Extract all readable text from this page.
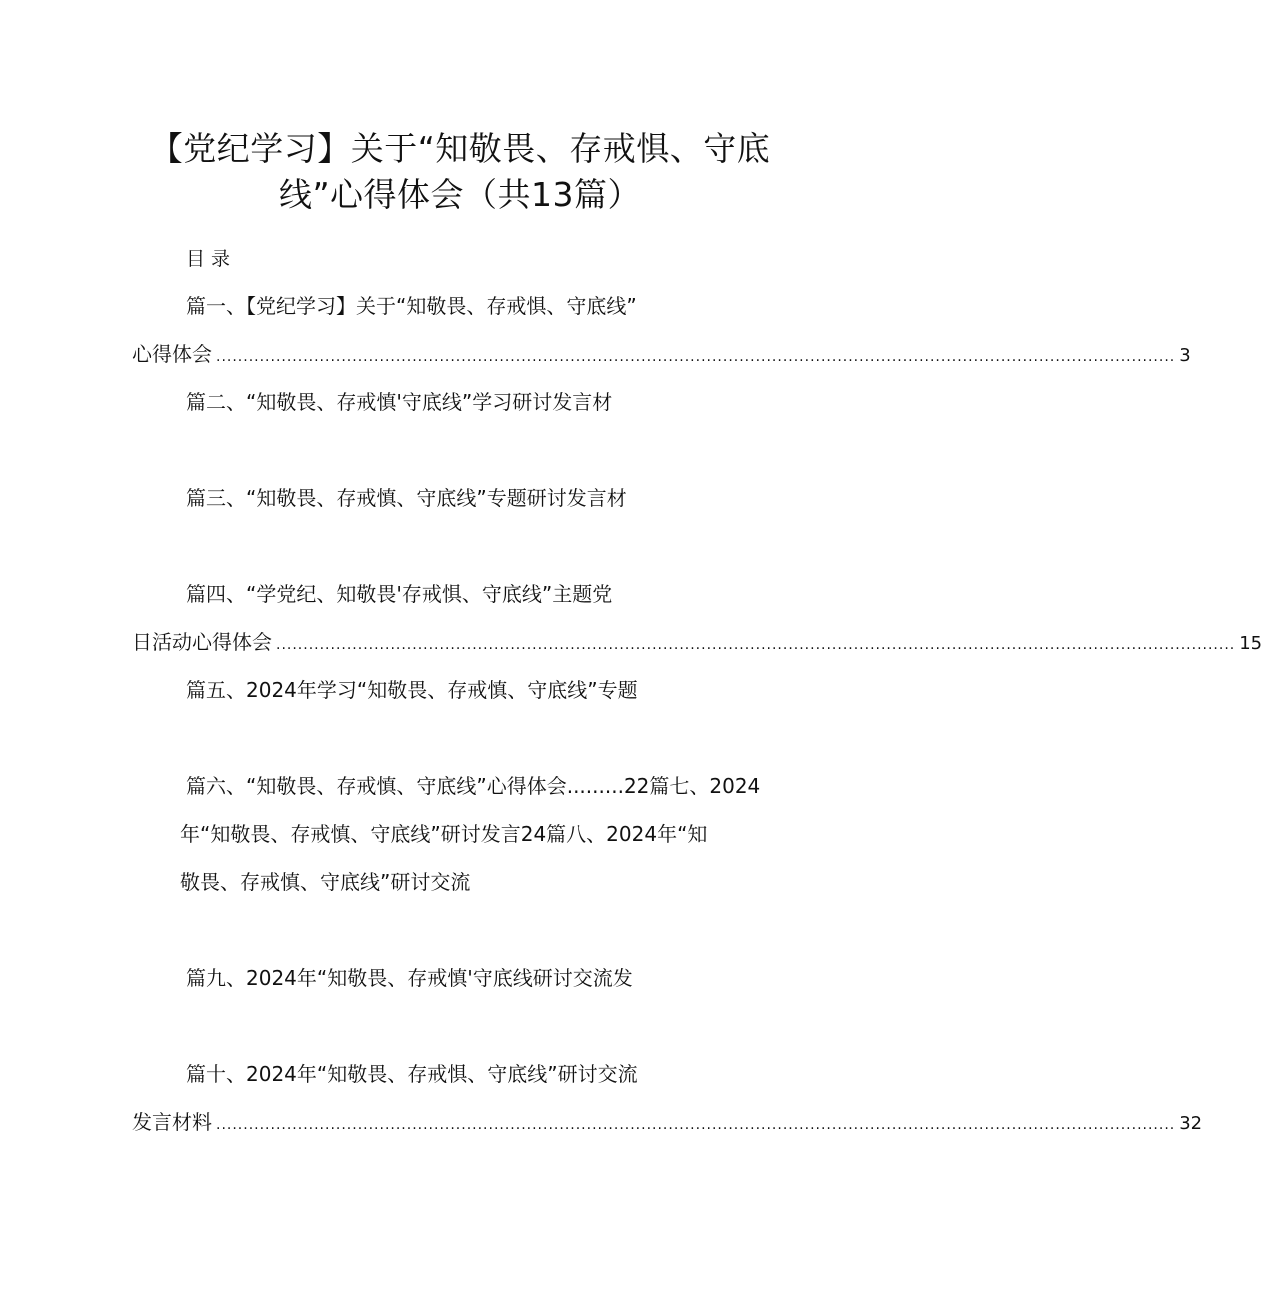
【党纪学习】关于“知敬畏、存戒惧、守底
线”心得体会（共13篇）
目录
篇一、【党纪学习】关于“知敬畏、存戒惧、守底线”
心得体会 ................................................................................................................................................................................ 3
篇二、“知敬畏、存戒慎'守底线”学习研讨发言材
篇三、“知敬畏、存戒慎、守底线”专题研讨发言材
篇四、“学党纪、知敬畏'存戒惧、守底线”主题党
日活动心得体会 ................................................................................................................................................................................ 15
篇五、2024年学习“知敬畏、存戒慎、守底线”专题
篇六、“知敬畏、存戒慎、守底线”心得体会.........22篇七、2024
年“知敬畏、存戒慎、守底线”研讨发言24篇八、2024年“知
敬畏、存戒慎、守底线”研讨交流
篇九、2024年“知敬畏、存戒慎'守底线研讨交流发
篇十、2024年“知敬畏、存戒惧、守底线”研讨交流
发言材料 ................................................................................................................................................................................ 32
